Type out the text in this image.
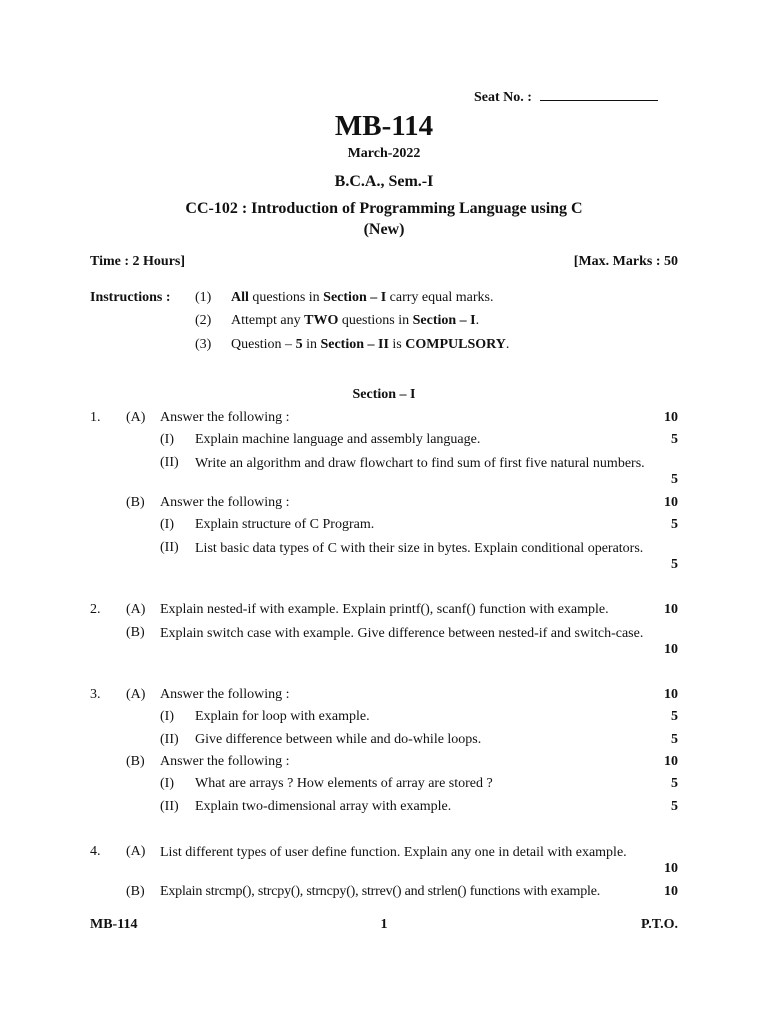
Seat No. :
MB-114
March-2022
B.C.A., Sem.-I
CC-102 : Introduction of Programming Language using C
(New)
Time : 2 Hours]	[Max. Marks : 50
Instructions : (1) All questions in Section – I carry equal marks.
(2) Attempt any TWO questions in Section – I.
(3) Question – 5 in Section – II is COMPULSORY.
Section – I
1. (A) Answer the following :	10
(I) Explain machine language and assembly language.	5
(II) Write an algorithm and draw flowchart to find sum of first five natural numbers.
5
(B) Answer the following :	10
(I) Explain structure of C Program.	5
(II) List basic data types of C with their size in bytes. Explain conditional operators.
5
2. (A) Explain nested-if with example. Explain printf(), scanf() function with example.	10
(B) Explain switch case with example. Give difference between nested-if and switch-case.
10
3. (A) Answer the following :	10
(I) Explain for loop with example.	5
(II) Give difference between while and do-while loops.	5
(B) Answer the following :	10
(I) What are arrays ? How elements of array are stored ?	5
(II) Explain two-dimensional array with example.	5
4. (A) List different types of user define function. Explain any one in detail with example.
10
(B) Explain strcmp(), strcpy(), strncpy(), strrev() and strlen() functions with example.	10
MB-114	1	P.T.O.
